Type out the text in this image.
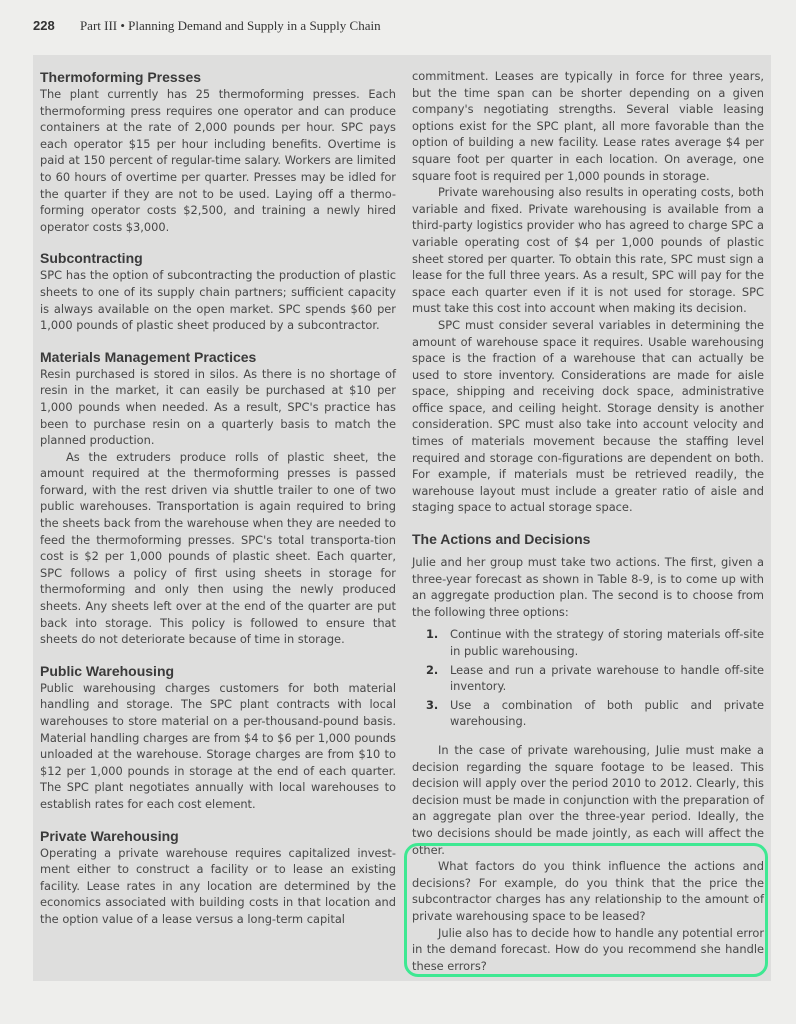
228 Part III • Planning Demand and Supply in a Supply Chain
Thermoforming Presses

The plant currently has 25 thermoforming presses. Each thermoforming press requires one operator and can produce containers at the rate of 2,000 pounds per hour. SPC pays each operator $15 per hour including benefits. Overtime is paid at 150 percent of regular-time salary. Workers are limited to 60 hours of overtime per quarter. Presses may be idled for the quarter if they are not to be used. Laying off a thermo-forming operator costs $2,500, and training a newly hired operator costs $3,000.

Subcontracting

SPC has the option of subcontracting the production of plastic sheets to one of its supply chain partners; sufficient capacity is always available on the open market. SPC spends $60 per 1,000 pounds of plastic sheet produced by a subcontractor.

Materials Management Practices

Resin purchased is stored in silos. As there is no shortage of resin in the market, it can easily be purchased at $10 per 1,000 pounds when needed. As a result, SPC's practice has been to purchase resin on a quarterly basis to match the planned production.

As the extruders produce rolls of plastic sheet, the amount required at the thermoforming presses is passed forward, with the rest driven via shuttle trailer to one of two public warehouses. Transportation is again required to bring the sheets back from the warehouse when they are needed to feed the thermoforming presses. SPC's total transporta-tion cost is $2 per 1,000 pounds of plastic sheet. Each quarter, SPC follows a policy of first using sheets in storage for thermoforming and only then using the newly produced sheets. Any sheets left over at the end of the quarter are put back into storage. This policy is followed to ensure that sheets do not deteriorate because of time in storage.

Public Warehousing

Public warehousing charges customers for both material handling and storage. The SPC plant contracts with local warehouses to store material on a per-thousand-pound basis. Material handling charges are from $4 to $6 per 1,000 pounds unloaded at the warehouse. Storage charges are from $10 to $12 per 1,000 pounds in storage at the end of each quarter. The SPC plant negotiates annually with local warehouses to establish rates for each cost element.

Private Warehousing

Operating a private warehouse requires capitalized invest-ment either to construct a facility or to lease an existing facility. Lease rates in any location are determined by the economics associated with building costs in that location and the option value of a lease versus a long-term capital

commitment. Leases are typically in force for three years, but the time span can be shorter depending on a given company's negotiating strengths. Several viable leasing options exist for the SPC plant, all more favorable than the option of building a new facility. Lease rates average $4 per square foot per quarter in each location. On average, one square foot is required per 1,000 pounds in storage.

Private warehousing also results in operating costs, both variable and fixed. Private warehousing is available from a third-party logistics provider who has agreed to charge SPC a variable operating cost of $4 per 1,000 pounds of plastic sheet stored per quarter. To obtain this rate, SPC must sign a lease for the full three years. As a result, SPC will pay for the space each quarter even if it is not used for storage. SPC must take this cost into account when making its decision.

SPC must consider several variables in determining the amount of warehouse space it requires. Usable warehousing space is the fraction of a warehouse that can actually be used to store inventory. Considerations are made for aisle space, shipping and receiving dock space, administrative office space, and ceiling height. Storage density is another consideration. SPC must also take into account velocity and times of materials movement because the staffing level required and storage con-figurations are dependent on both. For example, if materials must be retrieved readily, the warehouse layout must include a greater ratio of aisle and staging space to actual storage space.

The Actions and Decisions

Julie and her group must take two actions. The first, given a three-year forecast as shown in Table 8-9, is to come up with an aggregate production plan. The second is to choose from the following three options:

1. Continue with the strategy of storing materials off-site in public warehousing.
2. Lease and run a private warehouse to handle off-site inventory.
3. Use a combination of both public and private warehousing.

In the case of private warehousing, Julie must make a decision regarding the square footage to be leased. This decision will apply over the period 2010 to 2012. Clearly, this decision must be made in conjunction with the preparation of an aggregate plan over the three-year period. Ideally, the two decisions should be made jointly, as each will affect the other.

What factors do you think influence the actions and decisions? For example, do you think that the price the subcontractor charges has any relationship to the amount of private warehousing space to be leased?

Julie also has to decide how to handle any potential error in the demand forecast. How do you recommend she handle these errors?
